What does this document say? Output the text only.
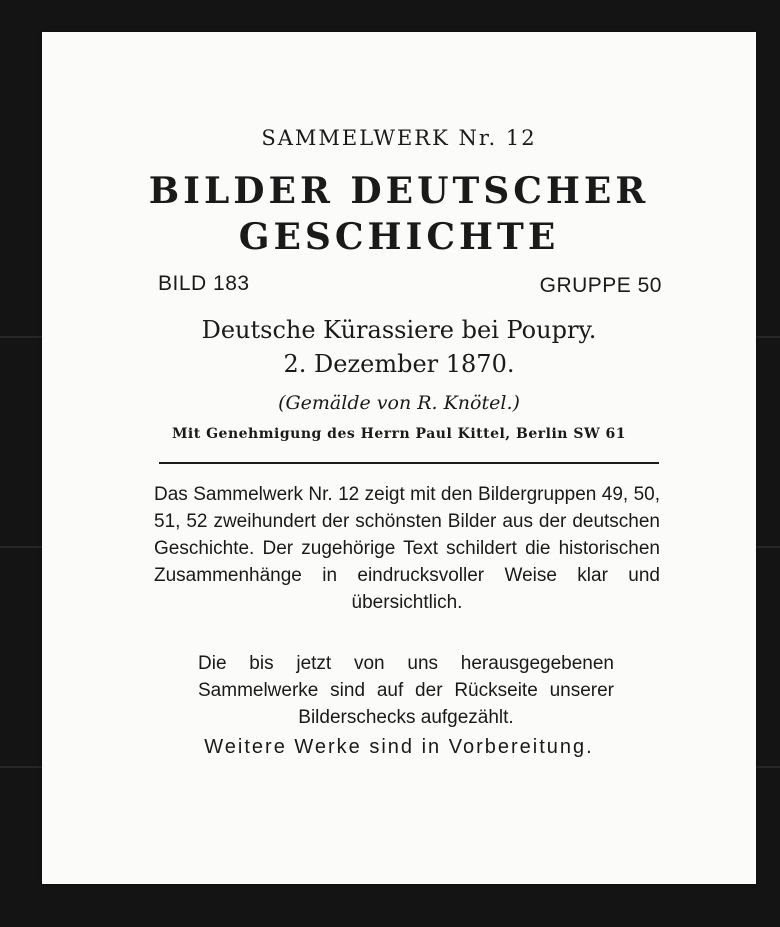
SAMMELWERK Nr. 12
BILDER DEUTSCHER
GESCHICHTE
BILD 183	GRUPPE 50
Deutsche Kürassiere bei Poupry.
2. Dezember 1870.
(Gemälde von R. Knötel.)
Mit Genehmigung des Herrn Paul Kittel, Berlin SW 61
Das Sammelwerk Nr. 12 zeigt mit den Bildergruppen 49, 50, 51, 52 zweihundert der schönsten Bilder aus der deutschen Geschichte. Der zugehörige Text schildert die historischen Zusammenhänge in eindrucksvoller Weise klar und übersichtlich.
Die bis jetzt von uns herausgegebenen Sammelwerke sind auf der Rückseite unserer Bilderschecks aufgezählt.
Weitere Werke sind in Vorbereitung.
